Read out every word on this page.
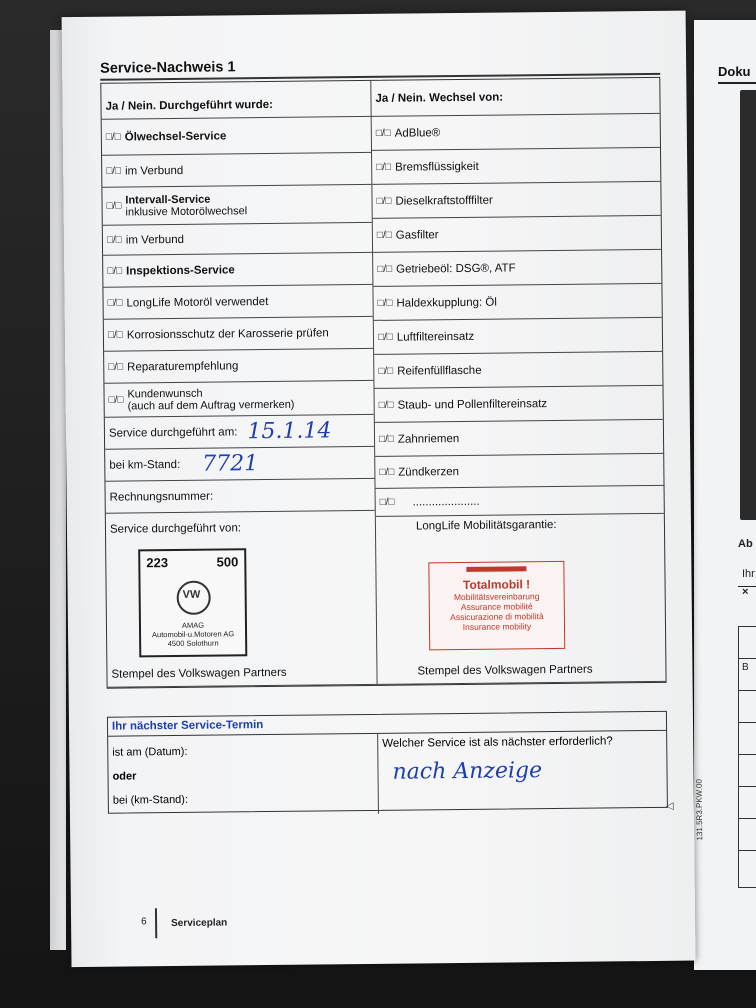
Doku
Ab
Ihr
×
B
Service-Nachweis 1
Ja / Nein. Durchgeführt wurde:
Ja / Nein. Wechsel von:
□/□ Ölwechsel-Service
□/□ im Verbund
□/□
Intervall-Service
inklusive Motorölwechsel
□/□ im Verbund
□/□ Inspektions-Service
□/□ LongLife Motoröl verwendet
□/□ Korrosionsschutz der Karosserie prüfen
□/□ Reparaturempfehlung
□/□
Kundenwunsch
(auch auf dem Auftrag vermerken)
Service durchgeführt am: 15.1.14
bei km-Stand: 7721
Rechnungsnummer:
□/□ AdBlue®
□/□ Bremsflüssigkeit
□/□ Dieselkraftstofffilter
□/□ Gasfilter
□/□ Getriebeöl: DSG®, ATF
□/□ Haldexkupplung: Öl
□/□ Luftfiltereinsatz
□/□ Reifenfüllflasche
□/□ Staub- und Pollenfiltereinsatz
□/□ Zahnriemen
□/□ Zündkerzen
□/□ .....................
Service durchgeführt von:
223	500
VW
AMAG
Automobil-u.Motoren AG
4500 Solothurn
Stempel des Volkswagen Partners
LongLife Mobilitätsgarantie:
Totalmobil !
Mobilitätsvereinbarung
Assurance mobilité
Assicurazione di mobilità
Insurance mobility
Stempel des Volkswagen Partners
Ihr nächster Service-Termin
ist am (Datum):
oder
bei (km-Stand):
Welcher Service ist als nächster erforderlich?
nach Anzeige
◁	131.5R3.PKW.00
6 Serviceplan
